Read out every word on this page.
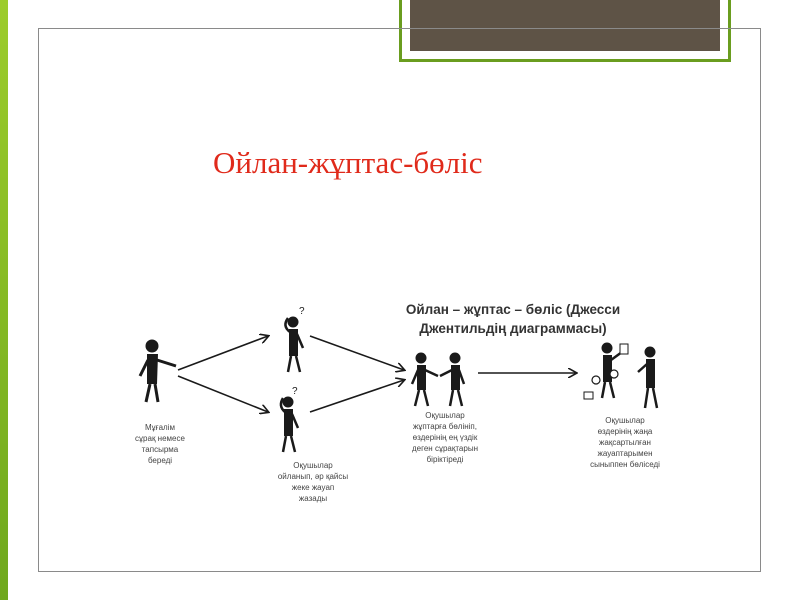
Ойлан-жұптас-бөліс
Ойлан – жұптас – бөліс (Джесси
Джентильдің диаграммасы)
?
?
Мұғалім
сұрақ немесе
тапсырма
береді
Оқушылар
ойланып, әр қайсы
жеке жауап
жазады
Оқушылар
жұптарға бөлініп,
өздерінің ең үздік
деген сұрақтарын
біріктіреді
Оқушылар
өздерінің жаңа
жақсартылған
жауаптарымен
сыныппен бөліседі
